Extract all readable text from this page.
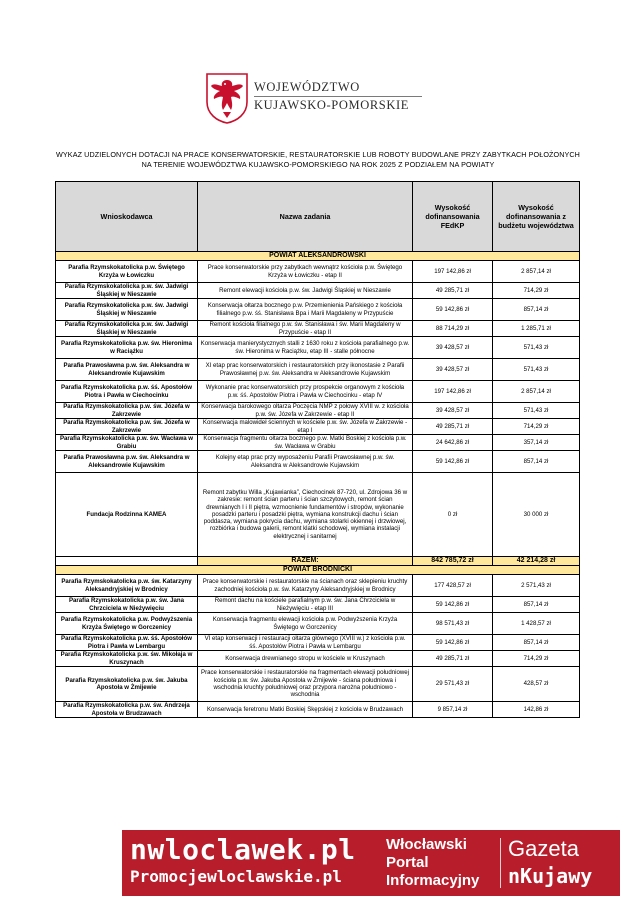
WOJEWÓDZTWO
KUJAWSKO-POMORSKIE
WYKAZ UDZIELONYCH DOTACJI NA PRACE KONSERWATORSKIE, RESTAURATORSKIE LUB ROBOTY BUDOWLANE PRZY ZABYTKACH POŁOŻONYCH
NA TERENIE WOJEWÓDZTWA KUJAWSKO-POMORSKIEGO NA ROK 2025 Z PODZIAŁEM NA POWIATY
Wnioskodawca	Nazwa zadania	Wysokość dofinansowania FEdKP	Wysokość dofinansowania z budżetu województwa
POWIAT ALEKSANDROWSKI			
Parafia Rzymskokatolicka p.w. Świętego Krzyża w Łowiczku	Prace konserwatorskie przy zabytkach wewnątrz kościoła p.w. Świętego Krzyża w Łowiczku - etap II	197 142,86 zł	2 857,14 zł
Parafia Rzymskokatolicka p.w. św. Jadwigi Śląskiej w Nieszawie	Remont elewacji kościoła p.w. św. Jadwigi Śląskiej w Nieszawie	49 285,71 zł	714,29 zł
Parafia Rzymskokatolicka p.w. św. Jadwigi Śląskiej w Nieszawie	Konserwacja ołtarza bocznego p.w. Przemienienia Pańskiego z kościoła filialnego p.w. śś. Stanisława Bpa i Marii Magdaleny w Przypuście	59 142,86 zł	857,14 zł
Parafia Rzymskokatolicka p.w. św. Jadwigi Śląskiej w Nieszawie	Remont kościoła filialnego p.w. św. Stanisława i św. Marii Magdaleny w Przypuście - etap II	88 714,29 zł	1 285,71 zł
Parafia Rzymskokatolicka p.w. św. Hieronima w Raciążku	Konserwacja manierystycznych stalli z 1630 roku z kościoła parafialnego p.w. św. Hieronima w Raciążku, etap III - stalle północne	39 428,57 zł	571,43 zł
Parafia Prawosławna p.w. św. Aleksandra w Aleksandrowie Kujawskim	XI etap prac konserwatorskich i restauratorskich przy ikonostasie z Parafii Prawosławnej p.w. św. Aleksandra w Aleksandrowie Kujawskim	39 428,57 zł	571,43 zł
Parafia Rzymskokatolicka p.w. śś. Apostołów Piotra i Pawła w Ciechocinku	Wykonanie prac konserwatorskich przy prospekcie organowym z kościoła p.w. śś. Apostołów Piotra i Pawła w Ciechocinku - etap IV	197 142,86 zł	2 857,14 zł
Parafia Rzymskokatolicka p.w. św. Józefa w Zakrzewie	Konserwacja barokowego ołtarza Poczęcia NMP z połowy XVIII w. z kościoła p.w. św. Józefa w Zakrzewie - etap II	39 428,57 zł	571,43 zł
Parafia Rzymskokatolicka p.w. św. Józefa w Zakrzewie	Konserwacja malowideł ściennych w kościele p.w. św. Józefa w Zakrzewie - etap I	49 285,71 zł	714,29 zł
Parafia Rzymskokatolicka p.w. św. Wacława w Grabiu	Konserwacja fragmentu ołtarza bocznego p.w. Matki Boskiej z kościoła p.w. św. Wacława w Grabiu	24 642,86 zł	357,14 zł
Parafia Prawosławna p.w. św. Aleksandra w Aleksandrowie Kujawskim	Kolejny etap prac przy wyposażeniu Parafii Prawosławnej p.w. św. Aleksandra w Aleksandrowie Kujawskim	59 142,86 zł	857,14 zł
Fundacja Rodzinna KAMEA	Remont zabytku Willa „Kujawianka”, Ciechocinek 87-720, ul. Zdrojowa 36 w zakresie: remont ścian parteru i ścian szczytowych, remont ścian drewnianych I i II piętra, wzmocnienie fundamentów i stropów, wykonanie posadzki parteru i posadzki piętra, wymiana konstrukcji dachu i ścian poddasza, wymiana pokrycia dachu, wymiana stolarki okiennej i drzwiowej, rozbiórka i budowa galerii, remont klatki schodowej, wymiana instalacji elektrycznej i sanitarnej	0 zł	30 000 zł
	RAZEM:	842 785,72 zł	42 214,28 zł
POWIAT BRODNICKI			
Parafia Rzymskokatolicka p.w. św. Katarzyny Aleksandryjskiej w Brodnicy	Prace konserwatorskie i restauratorskie na ścianach oraz sklepieniu kruchty zachodniej kościoła p.w. św. Katarzyny Aleksandryjskiej w Brodnicy	177 428,57 zł	2 571,43 zł
Parafia Rzymskokatolicka p.w. św. Jana Chrzciciela w Nieżywięciu	Remont dachu na kościele parafialnym p.w. św. Jana Chrzciciela w Nieżywięciu - etap III	59 142,86 zł	857,14 zł
Parafia Rzymskokatolicka p.w. Podwyższenia Krzyża Świętego w Gorczenicy	Konserwacja fragmentu elewacji kościoła p.w. Podwyższenia Krzyża Świętego w Gorczenicy	98 571,43 zł	1 428,57 zł
Parafia Rzymskokatolicka p.w. śś. Apostołów Piotra i Pawła w Lembargu	VI etap konserwacji i restauracji ołtarza głównego (XVIII w.) z kościoła p.w. śś. Apostołów Piotra i Pawła w Lembargu	59 142,86 zł	857,14 zł
Parafia Rzymskokatolicka p.w. św. Mikołaja w Kruszynach	Konserwacja drewnianego stropu w kościele w Kruszynach	49 285,71 zł	714,29 zł
Parafia Rzymskokatolicka p.w. św. Jakuba Apostoła w Żmijewie	Prace konserwatorskie i restauratorskie na fragmentach elewacji południowej kościoła p.w. św. Jakuba Apostoła w Żmijewie - ściana południowa i wschodnia kruchty południowej oraz przypora narożna południowo - wschodnia	29 571,43 zł	428,57 zł
Parafia Rzymskokatolicka p.w. św. Andrzeja Apostoła w Brudzawach	Konserwacja feretronu Matki Boskiej Skępskiej z kościoła w Brudzawach	9 857,14 zł	142,86 zł
nwloclawek.pl
Promocjewloclawskie.pl
Włocławski
Portal
Informacyjny
Gazeta
nKujawy
